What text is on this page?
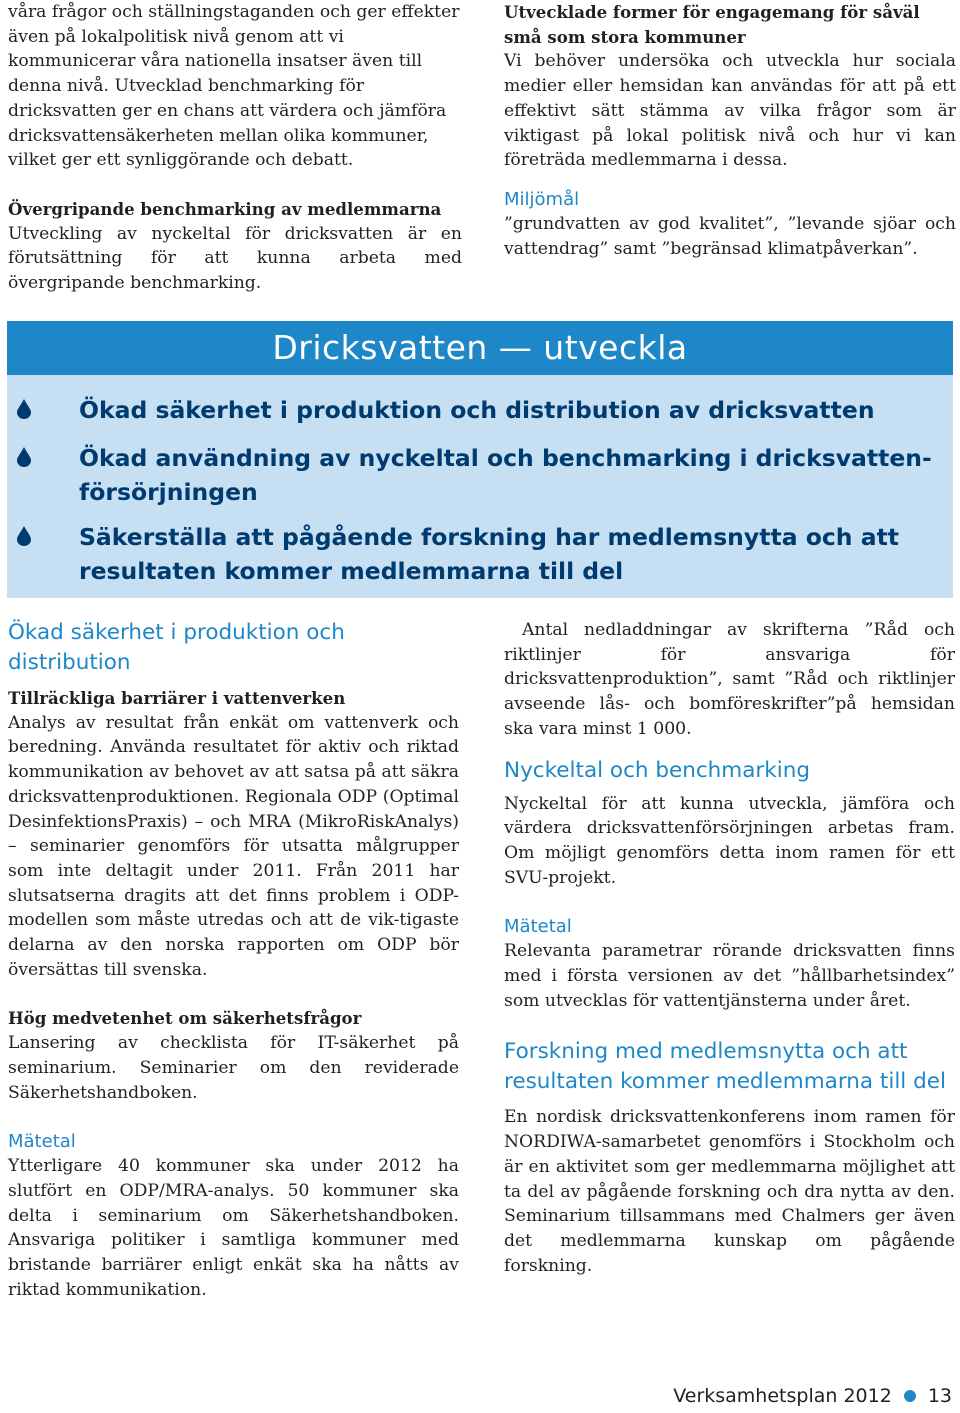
våra frågor och ställningstaganden och ger effekter även på lokalpolitisk nivå genom att vi kommunicerar våra nationella insatser även till denna nivå. Utvecklad benchmarking för dricksvatten ger en chans att värdera och jämföra dricksvattensäkerheten mellan olika kommuner, vilket ger ett synliggörande och debatt.

Övergripande benchmarking av medlemmarna

Utveckling av nyckeltal för dricksvatten är en förutsättning för att kunna arbeta med övergripande benchmarking.

Utvecklade former för engagemang för såväl små som stora kommuner

Vi behöver undersöka och utveckla hur sociala medier eller hemsidan kan användas för att på ett effektivt sätt stämma av vilka frågor som är viktigast på lokal politisk nivå och hur vi kan företräda medlemmarna i dessa.

Miljömål

”grundvatten av god kvalitet”, ”levande sjöar och vattendrag” samt ”begränsad klimatpåverkan”.

Dricksvatten — utveckla
Ökad säkerhet i produktion och distribution av dricksvatten
Ökad användning av nyckeltal och benchmarking i dricksvatten-försörjningen
Säkerställa att pågående forskning har medlemsnytta och att resultaten kommer medlemmarna till del
Ökad säkerhet i produktion och distribution
Tillräckliga barriärer i vattenverken

Analys av resultat från enkät om vattenverk och beredning. Använda resultatet för aktiv och riktad kommunikation av behovet av att satsa på att säkra dricksvattenproduktionen. Regionala ODP (Optimal DesinfektionsPraxis) – och MRA (MikroRiskAnalys) – seminarier genomförs för utsatta målgrupper som inte deltagit under 2011. Från 2011 har slutsatserna dragits att det finns problem i ODP-modellen som måste utredas och att de vik-tigaste delarna av den norska rapporten om ODP bör översättas till svenska.

Hög medvetenhet om säkerhetsfrågor

Lansering av checklista för IT-säkerhet på seminarium. Seminarier om den reviderade Säkerhetshandboken.

Mätetal

Ytterligare 40 kommuner ska under 2012 ha slutfört en ODP/MRA-analys. 50 kommuner ska delta i seminarium om Säkerhetshandboken. Ansvariga politiker i samtliga kommuner med bristande barriärer enligt enkät ska ha nåtts av riktad kommunikation.

Antal nedladdningar av skrifterna ”Råd och riktlinjer för ansvariga för dricksvattenproduktion”, samt ”Råd och riktlinjer avseende lås- och bomföreskrifter”på hemsidan ska vara minst 1 000.

Nyckeltal och benchmarking

Nyckeltal för att kunna utveckla, jämföra och värdera dricksvattenförsörjningen arbetas fram. Om möjligt genomförs detta inom ramen för ett SVU-projekt.

Mätetal

Relevanta parametrar rörande dricksvatten finns med i första versionen av det ”hållbarhetsindex” som utvecklas för vattentjänsterna under året.

Forskning med medlemsnytta och att resultaten kommer medlemmarna till del

En nordisk dricksvattenkonferens inom ramen för NORDIWA-samarbetet genomförs i Stockholm och är en aktivitet som ger medlemmarna möjlighet att ta del av pågående forskning och dra nytta av den. Seminarium tillsammans med Chalmers ger även det medlemmarna kunskap om pågående forskning.

Verksamhetsplan 2012 13
